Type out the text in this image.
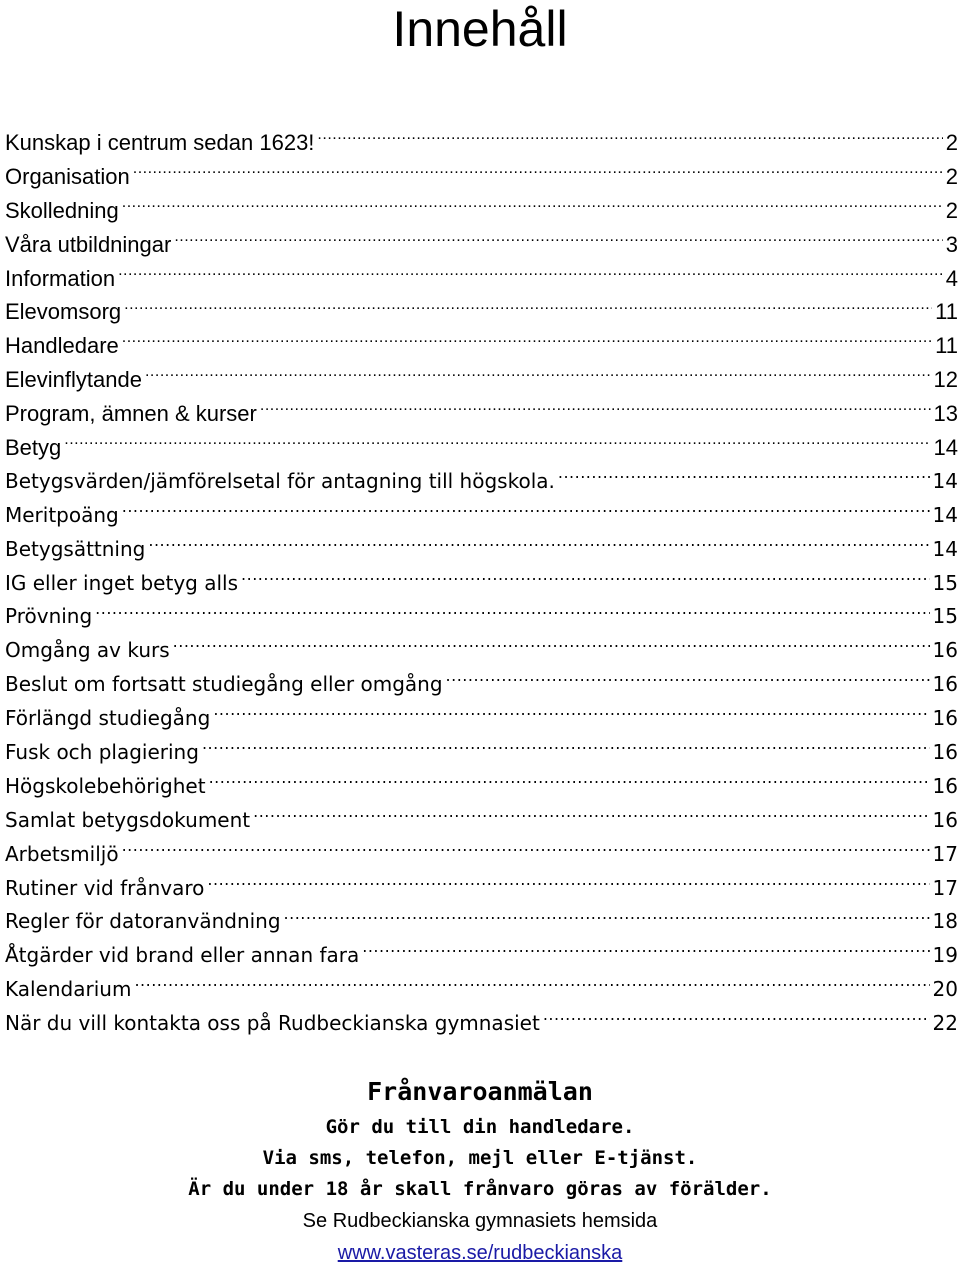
Innehåll
Kunskap i centrum sedan 1623! .....	2
Organisation .....	2
Skolledning .....	2
Våra utbildningar .....	3
Information .....	4
Elevomsorg .....	11
Handledare .....	11
Elevinflytande .....	12
Program, ämnen & kurser .....	13
Betyg .....	14
Betygsvärden/jämförelsetal för antagning till högskola. .....	14
Meritpoäng .....	14
Betygsättning .....	14
IG eller inget betyg alls .....	15
Prövning .....	15
Omgång av kurs .....	16
Beslut om fortsatt studiegång eller omgång .....	16
Förlängd studiegång .....	16
Fusk och plagiering .....	16
Högskolebehörighet .....	16
Samlat betygsdokument .....	16
Arbetsmiljö .....	17
Rutiner vid frånvaro .....	17
Regler för datoranvändning .....	18
Åtgärder vid brand eller annan fara .....	19
Kalendarium .....	20
När du vill kontakta oss på Rudbeckianska gymnasiet .....	22

Frånvaroanmälan

Gör du till din handledare.

Via sms, telefon, mejl eller E-tjänst.

Är du under 18 år skall frånvaro göras av förälder.

Se Rudbeckianska gymnasiets hemsida

www.vasteras.se/rudbeckianska
